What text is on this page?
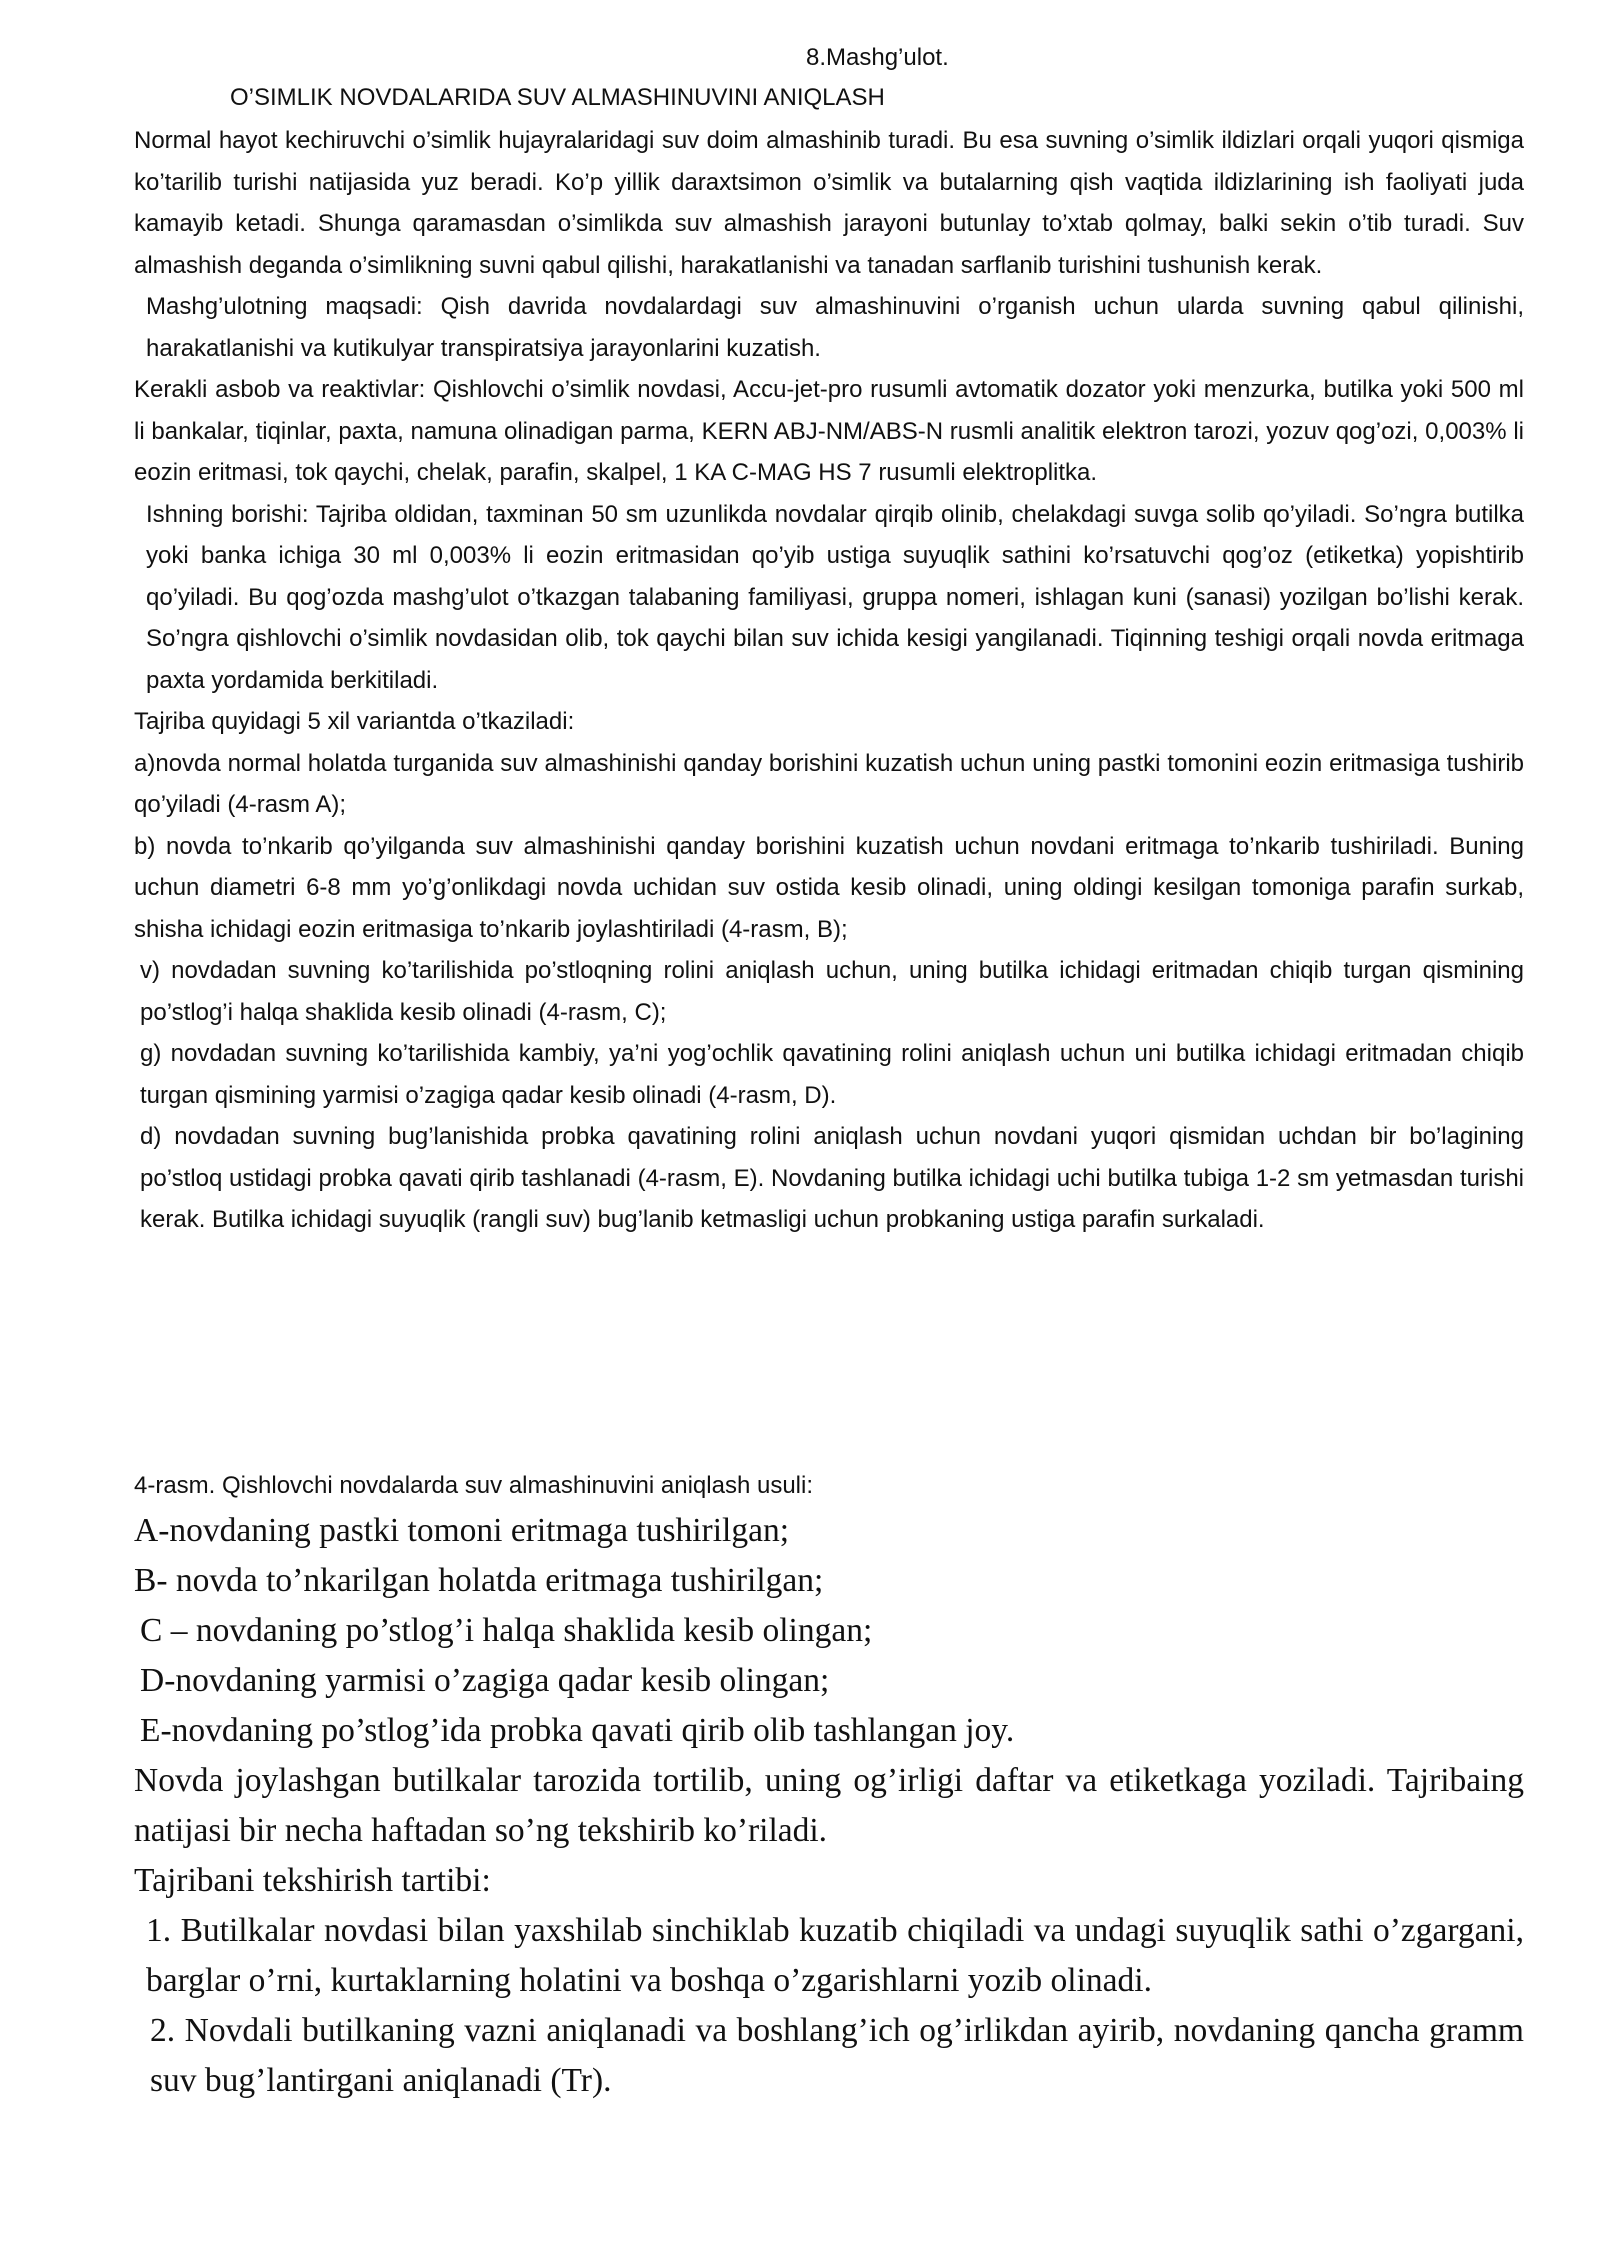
8.Mashg’ulot.
O’SIMLIK NOVDALARIDA SUV ALMASHINUVINI ANIQLASH

Normal hayot kechiruvchi o’simlik hujayralaridagi suv doim almashinib turadi. Bu esa suvning o’simlik ildizlari orqali yuqori qismiga ko’tarilib turishi natijasida yuz beradi. Ko’p yillik daraxtsimon o’simlik va butalarning qish vaqtida ildizlarining ish faoliyati juda kamayib ketadi. Shunga qaramasdan o’simlikda suv almashish jarayoni butunlay to’xtab qolmay, balki sekin o’tib turadi. Suv almashish deganda o’simlikning suvni qabul qilishi, harakatlanishi va tanadan sarflanib turishini tushunish kerak.

Mashg’ulotning maqsadi: Qish davrida novdalardagi suv almashinuvini o’rganish uchun ularda suvning qabul qilinishi, harakatlanishi va kutikulyar transpiratsiya jarayonlarini kuzatish.

Kerakli asbob va reaktivlar: Qishlovchi o’simlik novdasi, Accu-jet-pro rusumli avtomatik dozator yoki menzurka, butilka yoki 500 ml li bankalar, tiqinlar, paxta, namuna olinadigan parma, KERN ABJ-NM/ABS-N rusmli analitik elektron tarozi, yozuv qog’ozi, 0,003% li eozin eritmasi, tok qaychi, chelak, parafin, skalpel, 1 KA C-MAG HS 7 rusumli elektroplitka.

Ishning borishi: Tajriba oldidan, taxminan 50 sm uzunlikda novdalar qirqib olinib, chelakdagi suvga solib qo’yiladi. So’ngra butilka yoki banka ichiga 30 ml 0,003% li eozin eritmasidan qo’yib ustiga suyuqlik sathini ko’rsatuvchi qog’oz (etiketka) yopishtirib qo’yiladi. Bu qog’ozda mashg’ulot o’tkazgan talabaning familiyasi, gruppa nomeri, ishlagan kuni (sanasi) yozilgan bo’lishi kerak. So’ngra qishlovchi o’simlik novdasidan olib, tok qaychi bilan suv ichida kesigi yangilanadi. Tiqinning teshigi orqali novda eritmaga paxta yordamida berkitiladi.

Tajriba quyidagi 5 xil variantda o’tkaziladi:

a)novda normal holatda turganida suv almashinishi qanday borishini kuzatish uchun uning pastki tomonini eozin eritmasiga tushirib qo’yiladi (4-rasm A);

b) novda to’nkarib qo’yilganda suv almashinishi qanday borishini kuzatish uchun novdani eritmaga to’nkarib tushiriladi. Buning uchun diametri 6-8 mm yo’g’onlikdagi novda uchidan suv ostida kesib olinadi, uning oldingi kesilgan tomoniga parafin surkab, shisha ichidagi eozin eritmasiga to’nkarib joylashtiriladi (4-rasm, B);

v) novdadan suvning ko’tarilishida po’stloqning rolini aniqlash uchun, uning butilka ichidagi eritmadan chiqib turgan qismining po’stlog’i halqa shaklida kesib olinadi (4-rasm, C);

g) novdadan suvning ko’tarilishida kambiy, ya’ni yog’ochlik qavatining rolini aniqlash uchun uni butilka ichidagi eritmadan chiqib turgan qismining yarmisi o’zagiga qadar kesib olinadi (4-rasm, D).

d) novdadan suvning bug’lanishida probka qavatining rolini aniqlash uchun novdani yuqori qismidan uchdan bir bo’lagining po’stloq ustidagi probka qavati qirib tashlanadi (4-rasm, E). Novdaning butilka ichidagi uchi butilka tubiga 1-2 sm yetmasdan turishi kerak. Butilka ichidagi suyuqlik (rangli suv) bug’lanib ketmasligi uchun probkaning ustiga parafin surkaladi.

4-rasm. Qishlovchi novdalarda suv almashinuvini aniqlash usuli:

A-novdaning pastki tomoni eritmaga tushirilgan;

B- novda to’nkarilgan holatda eritmaga tushirilgan;

C – novdaning po’stlog’i halqa shaklida kesib olingan;

D-novdaning yarmisi o’zagiga qadar kesib olingan;

E-novdaning po’stlog’ida probka qavati qirib olib tashlangan joy.

Novda joylashgan butilkalar tarozida tortilib, uning og’irligi daftar va etiketkaga yoziladi. Tajribaing natijasi bir necha haftadan so’ng tekshirib ko’riladi.

Tajribani tekshirish tartibi:

1. Butilkalar novdasi bilan yaxshilab sinchiklab kuzatib chiqiladi va undagi suyuqlik sathi o’zgargani, barglar o’rni, kurtaklarning holatini va boshqa o’zgarishlarni yozib olinadi.

2. Novdali butilkaning vazni aniqlanadi va boshlang’ich og’irlikdan ayirib, novdaning qancha gramm suv bug’lantirgani aniqlanadi (Tr).
